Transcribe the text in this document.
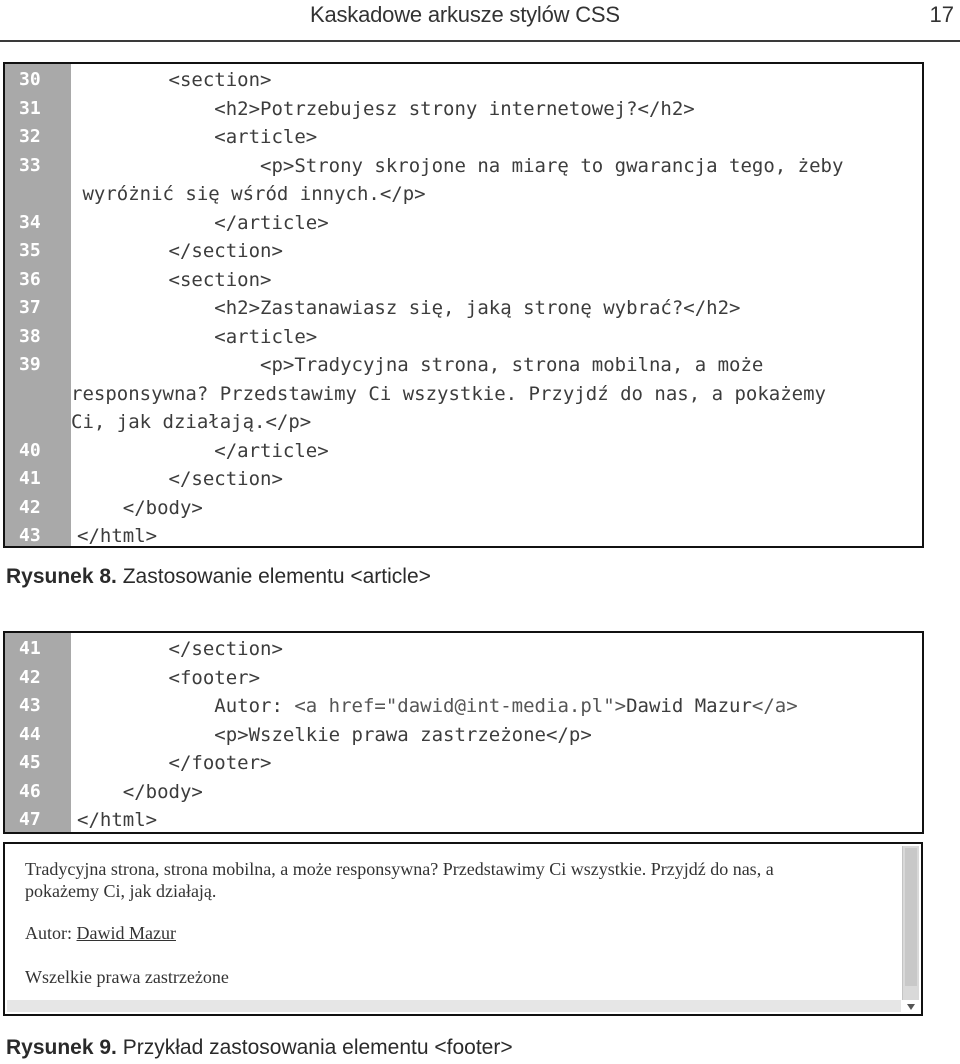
Kaskadowe arkusze stylów CSS	17
30	<section>
31	<h2>Potrzebujesz strony internetowej?</h2>
32	<article>
33	<p>Strony skrojone na miarę to gwarancja tego, żeby
wyróżnić się wśród innych.</p>
34	</article>
35	</section>
36	<section>
37	<h2>Zastanawiasz się, jaką stronę wybrać?</h2>
38	<article>
39	<p>Tradycyjna strona, strona mobilna, a może
responsywna? Przedstawimy Ci wszystkie. Przyjdź do nas, a pokażemy
Ci, jak działają.</p>
40	</article>
41	</section>
42	</body>
43	</html>
Rysunek 8. Zastosowanie elementu <article>
41	</section>
42	<footer>
43	Autor: <a href="dawid@int-media.pl">Dawid Mazur</a>
44	<p>Wszelkie prawa zastrzeżone</p>
45	</footer>
46	</body>
47	</html>
Tradycyjna strona, strona mobilna, a może responsywna? Przedstawimy Ci wszystkie. Przyjdź do nas, a
pokażemy Ci, jak działają.
Autor: Dawid Mazur
Wszelkie prawa zastrzeżone
Rysunek 9. Przykład zastosowania elementu <footer>
